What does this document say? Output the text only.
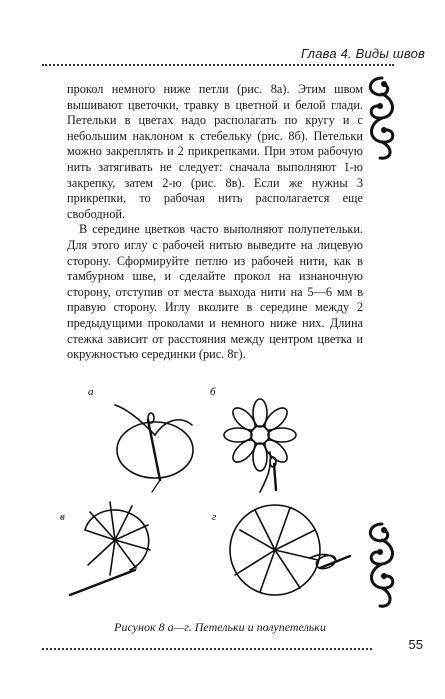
Глава 4. Виды швов

прокол немного ниже петли (рис. 8а). Этим швом вышивают цветочки, травку в цветной и белой глади. Петельки в цветах надо располагать по кругу и с небольшим наклоном к стебельку (рис. 8б). Петельки можно закреплять и 2 прикрепками. При этом рабочую нить затягивать не следует: сначала выполняют 1-ю закрепку, затем 2-ю (рис. 8в). Если же нужны 3 прикрепки, то рабочая нить располагается еще свободной.

В середине цветков часто выполняют полупетельки. Для этого иглу с рабочей нитью выведите на лицевую сторону. Сформируйте петлю из рабочей нити, как в тамбурном шве, и сделайте прокол на изнаночную сторону, отступив от места выхода нити на 5—6 мм в правую сторону. Иглу вколите в середине между 2 предыдущими проколами и немного ниже них. Длина стежка зависит от расстояния между центром цветка и окружностью серединки (рис. 8г).

а	б
в	г
Рисунок 8 а—г. Петельки и полупетельки
55
